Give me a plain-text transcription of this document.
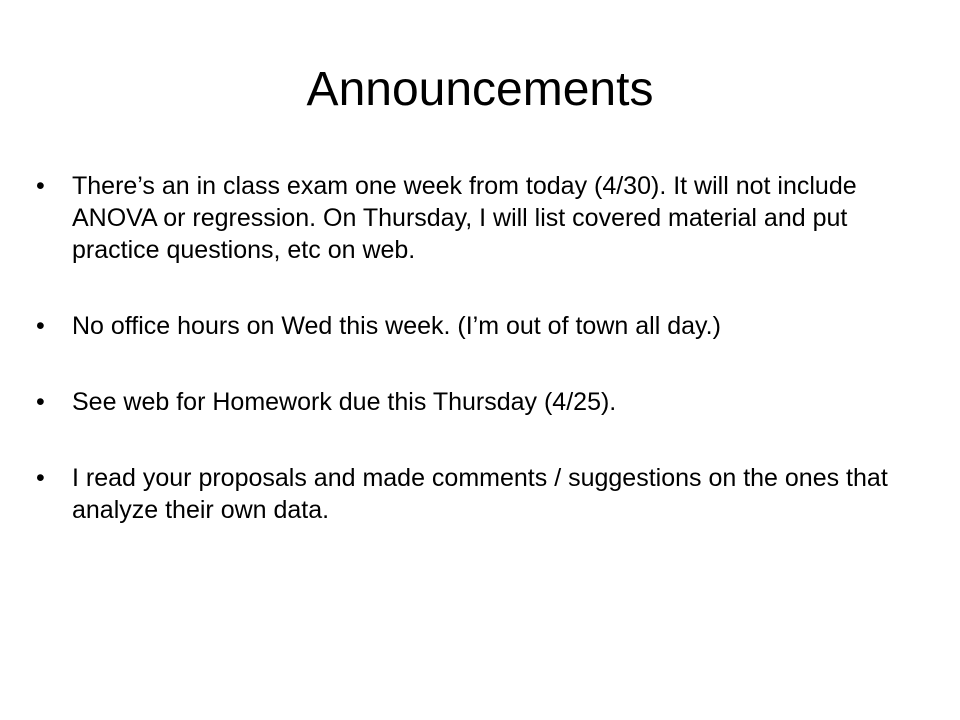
Announcements
•	There’s an in class exam one week from today (4/30). It will not include ANOVA or regression. On Thursday, I will list covered material and put practice questions, etc on web.
•	No office hours on Wed this week. (I’m out of town all day.)
•	See web for Homework due this Thursday (4/25).
•	I read your proposals and made comments / suggestions on the ones that analyze their own data.
